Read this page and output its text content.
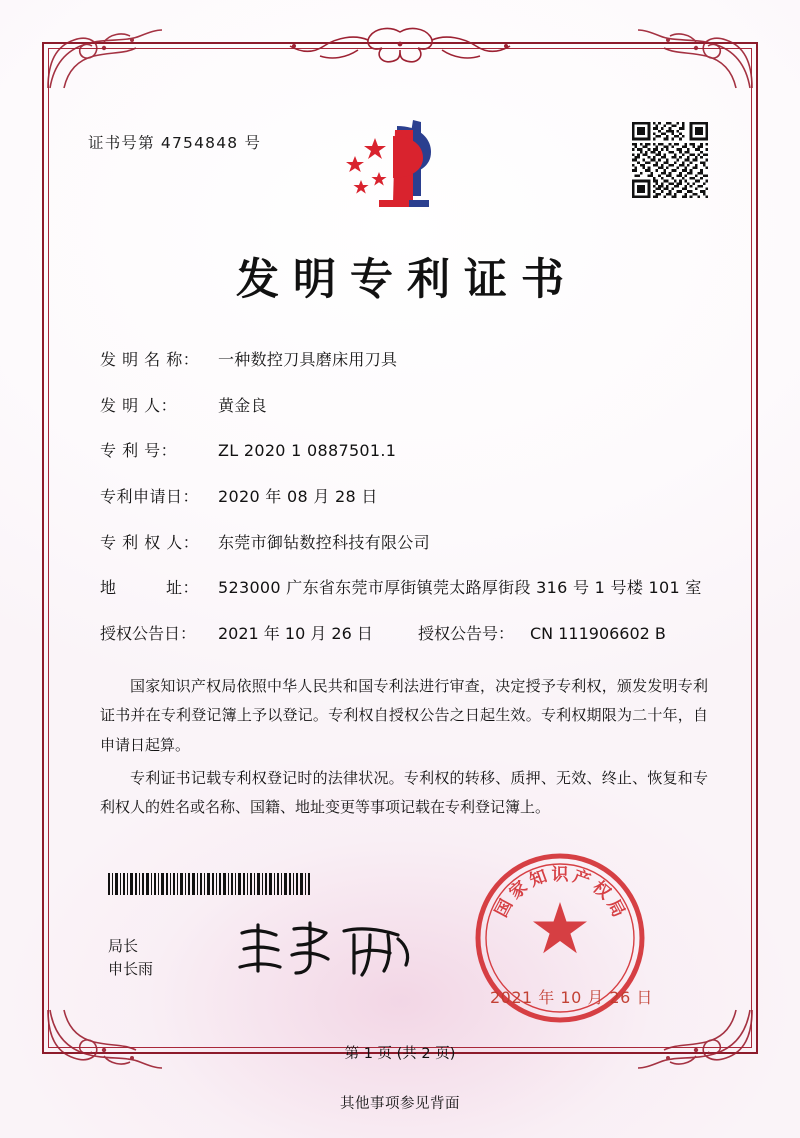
证书号第 4754848 号
发明专利证书
发 明 名 称：	一种数控刀具磨床用刀具
发 明 人：	黄金良
专 利 号：	ZL 2020 1 0887501.1
专利申请日：	2020 年 08 月 28 日
专 利 权 人：	东莞市御钻数控科技有限公司
地　　　址：	523000 广东省东莞市厚街镇莞太路厚街段 316 号 1 号楼 101 室
授权公告日：	2021 年 10 月 26 日	授权公告号： CN 111906602 B

国家知识产权局依照中华人民共和国专利法进行审查，决定授予专利权，颁发发明专利证书并在专利登记簿上予以登记。专利权自授权公告之日起生效。专利权期限为二十年，自申请日起算。

专利证书记载专利权登记时的法律状况。专利权的转移、质押、无效、终止、恢复和专利权人的姓名或名称、国籍、地址变更等事项记载在专利登记簿上。

局长
申长雨
国
家
知 识 产
权
局
2021 年 10 月 26 日
第 1 页 (共 2 页)
其他事项参见背面
